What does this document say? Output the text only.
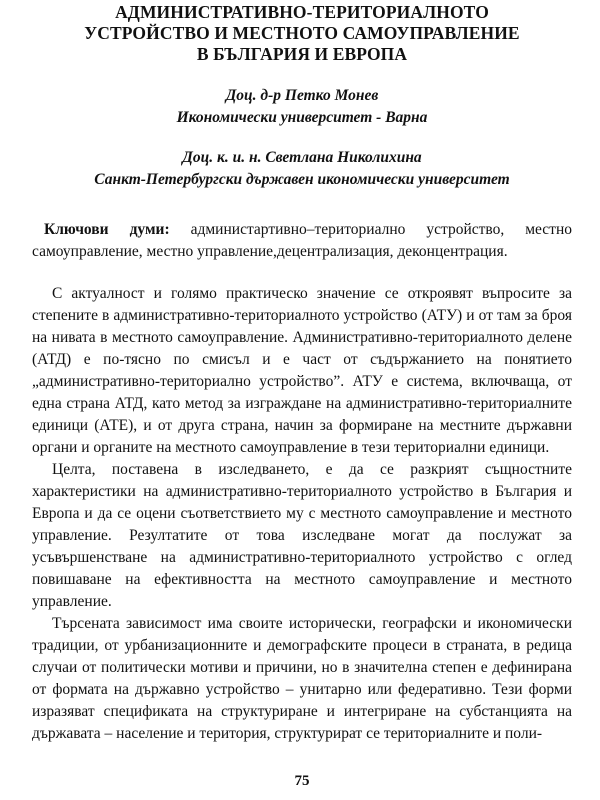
АДМИНИСТРАТИВНО-ТЕРИТОРИАЛНОТО
УСТРОЙСТВО И МЕСТНОТО САМОУПРАВЛЕНИЕ
В БЪЛГАРИЯ И ЕВРОПА
Доц. д-р Петко Монев
Икономически университет - Варна
Доц. к. и. н. Светлана Николихина
Санкт-Петербургски държавен икономически университет
Ключови думи: администартивно–териториално устройство, местно самоуправление, местно управление,децентрализация, деконцентрация.

С актуалност и голямо практическо значение се откроявят въпросите за степените в административно-териториалното устройство (АТУ) и от там за броя на нивата в местното самоуправление. Административно-териториалното делене (АТД) е по-тясно по смисъл и е част от съдържанието на понятието „административно-териториално устройство”. АТУ е система, включваща, от една страна АТД, като метод за изграждане на административно-териториалните единици (АТЕ), и от друга страна, начин за формиране на местните държавни органи и органите на местното самоуправление в тези териториални единици.

Целта, поставена в изследването, е да се разкрият същностните характеристики на административно-териториалното устройство в България и Европа и да се оцени съответствието му с местното самоуправление и местното управление. Резултатите от това изследване могат да послужат за усъвършенстване на административно-териториалното устройство с оглед повишаване на ефективността на местното самоуправление и местното управление.

Търсената зависимост има своите исторически, географски и икономически традиции, от урбанизационните и демографските процеси в страната, в редица случаи от политически мотиви и причини, но в значителна степен е дефинирана от формата на държавно устройство – унитарно или федеративно. Тези форми изразяват спецификата на структуриране и интегриране на субстанцията на държавата – население и територия, структурират се териториалните и поли-

75
